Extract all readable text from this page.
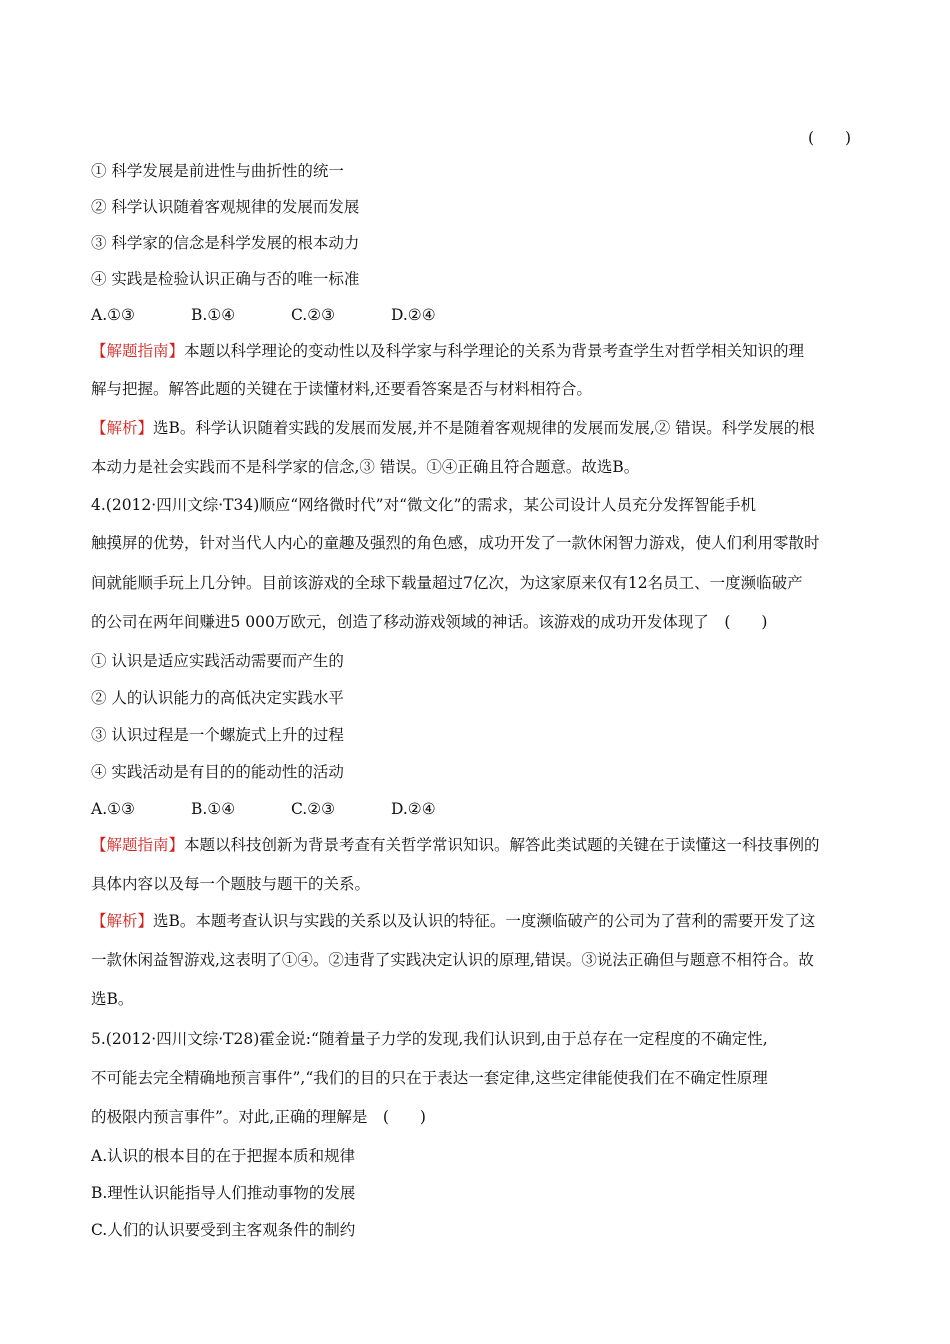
(　　)
① 科学发展是前进性与曲折性的统一
② 科学认识随着客观规律的发展而发展
③ 科学家的信念是科学发展的根本动力
④ 实践是检验认识正确与否的唯一标准
A.①③	B.①④	C.②③	D.②④
【解题指南】本题以科学理论的变动性以及科学家与科学理论的关系为背景考查学生对哲学相关知识的理
解与把握。解答此题的关键在于读懂材料,还要看答案是否与材料相符合。
【解析】选B。科学认识随着实践的发展而发展,并不是随着客观规律的发展而发展,② 错误。科学发展的根
本动力是社会实践而不是科学家的信念,③ 错误。①④正确且符合题意。故选B。
4.(2012·四川文综·T34)顺应“网络微时代”对“微文化”的需求，某公司设计人员充分发挥智能手机
触摸屏的优势，针对当代人内心的童趣及强烈的角色感，成功开发了一款休闲智力游戏，使人们利用零散时
间就能顺手玩上几分钟。目前该游戏的全球下载量超过7亿次，为这家原来仅有12名员工、一度濒临破产
的公司在两年间赚进5 000万欧元，创造了移动游戏领域的神话。该游戏的成功开发体现了　(　　)
① 认识是适应实践活动需要而产生的
② 人的认识能力的高低决定实践水平
③ 认识过程是一个螺旋式上升的过程
④ 实践活动是有目的的能动性的活动
A.①③	B.①④	C.②③	D.②④
【解题指南】本题以科技创新为背景考查有关哲学常识知识。解答此类试题的关键在于读懂这一科技事例的
具体内容以及每一个题肢与题干的关系。
【解析】选B。本题考查认识与实践的关系以及认识的特征。一度濒临破产的公司为了营利的需要开发了这
一款休闲益智游戏,这表明了①④。②违背了实践决定认识的原理,错误。③说法正确但与题意不相符合。故
选B。
5.(2012·四川文综·T28)霍金说:“随着量子力学的发现,我们认识到,由于总存在一定程度的不确定性,
不可能去完全精确地预言事件”,“我们的目的只在于表达一套定律,这些定律能使我们在不确定性原理
的极限内预言事件”。对此,正确的理解是　(　　)
A.认识的根本目的在于把握本质和规律
B.理性认识能指导人们推动事物的发展
C.人们的认识要受到主客观条件的制约
